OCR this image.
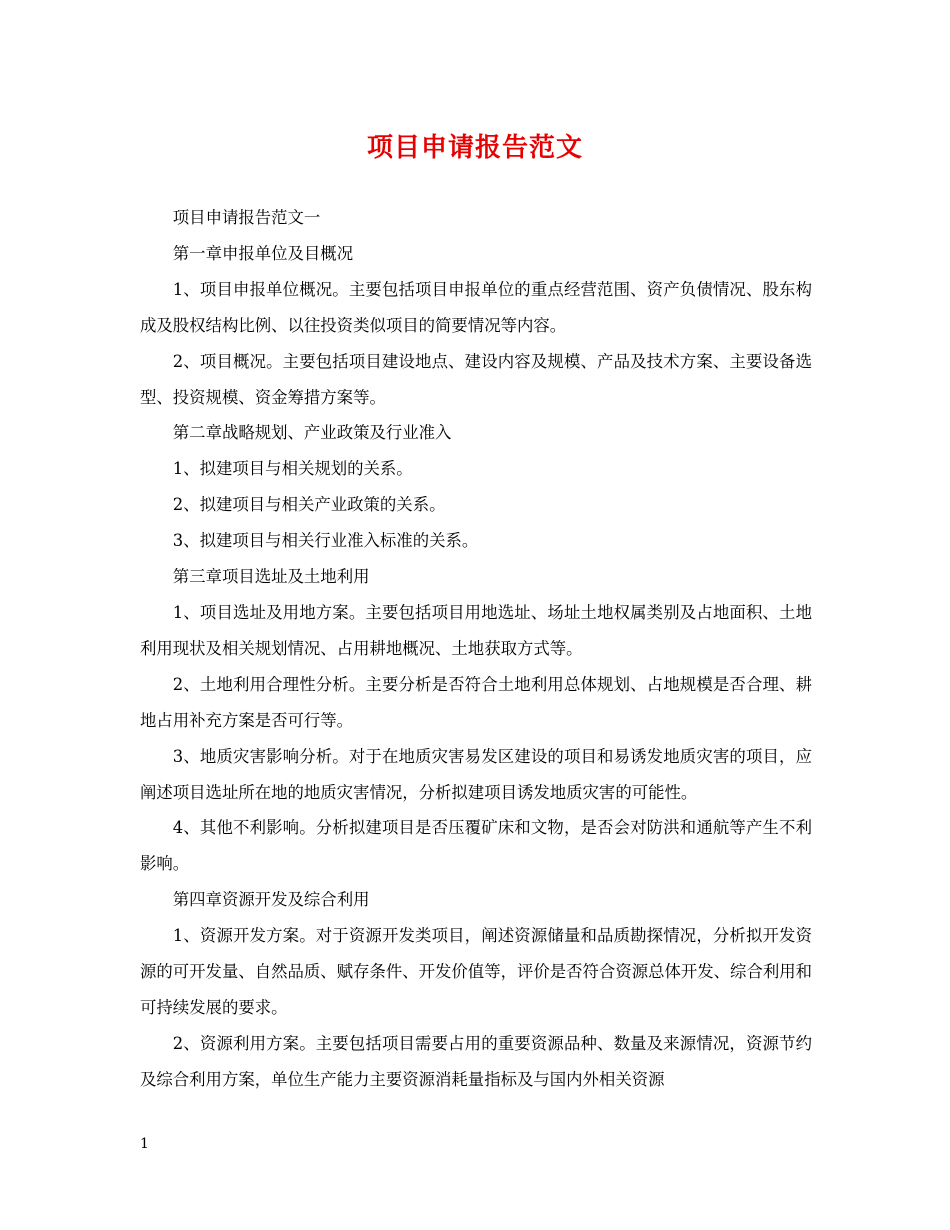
项目申请报告范文

项目申请报告范文一

第一章申报单位及目概况

1、项目申报单位概况。主要包括项目申报单位的重点经营范围、资产负债情况、股东构成及股权结构比例、以往投资类似项目的简要情况等内容。

2、项目概况。主要包括项目建设地点、建设内容及规模、产品及技术方案、主要设备选型、投资规模、资金筹措方案等。

第二章战略规划、产业政策及行业准入

1、拟建项目与相关规划的关系。

2、拟建项目与相关产业政策的关系。

3、拟建项目与相关行业准入标准的关系。

第三章项目选址及土地利用

1、项目选址及用地方案。主要包括项目用地选址、场址土地权属类别及占地面积、土地利用现状及相关规划情况、占用耕地概况、土地获取方式等。

2、土地利用合理性分析。主要分析是否符合土地利用总体规划、占地规模是否合理、耕地占用补充方案是否可行等。

3、地质灾害影响分析。对于在地质灾害易发区建设的项目和易诱发地质灾害的项目，应阐述项目选址所在地的地质灾害情况，分析拟建项目诱发地质灾害的可能性。

4、其他不利影响。分析拟建项目是否压覆矿床和文物，是否会对防洪和通航等产生不利影响。

第四章资源开发及综合利用

1、资源开发方案。对于资源开发类项目，阐述资源储量和品质勘探情况，分析拟开发资源的可开发量、自然品质、赋存条件、开发价值等，评价是否符合资源总体开发、综合利用和可持续发展的要求。

2、资源利用方案。主要包括项目需要占用的重要资源品种、数量及来源情况，资源节约及综合利用方案，单位生产能力主要资源消耗量指标及与国内外相关资源

1
